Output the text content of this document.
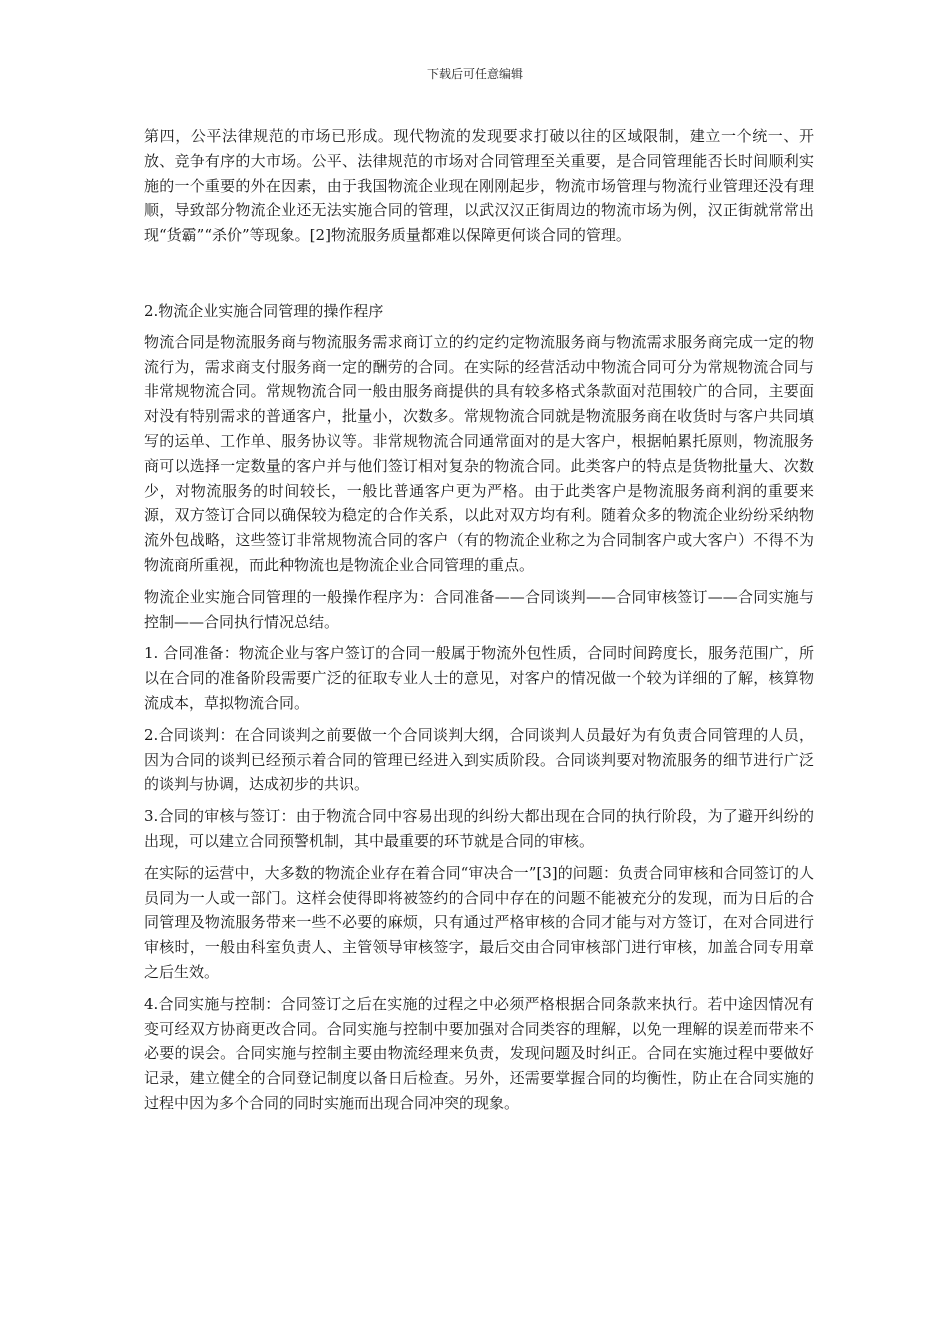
下载后可任意编辑

第四，公平法律规范的市场已形成。现代物流的发现要求打破以往的区域限制，建立一个统一、开放、竞争有序的大市场。公平、法律规范的市场对合同管理至关重要，是合同管理能否长时间顺利实施的一个重要的外在因素，由于我国物流企业现在刚刚起步，物流市场管理与物流行业管理还没有理顺，导致部分物流企业还无法实施合同的管理，以武汉汉正街周边的物流市场为例，汉正街就常常出现“货霸”“杀价”等现象。[2]物流服务质量都难以保障更何谈合同的管理。

2.物流企业实施合同管理的操作程序

物流合同是物流服务商与物流服务需求商订立的约定约定物流服务商与物流需求服务商完成一定的物流行为，需求商支付服务商一定的酬劳的合同。在实际的经营活动中物流合同可分为常规物流合同与非常规物流合同。常规物流合同一般由服务商提供的具有较多格式条款面对范围较广的合同，主要面对没有特别需求的普通客户，批量小，次数多。常规物流合同就是物流服务商在收货时与客户共同填写的运单、工作单、服务协议等。非常规物流合同通常面对的是大客户，根据帕累托原则，物流服务商可以选择一定数量的客户并与他们签订相对复杂的物流合同。此类客户的特点是货物批量大、次数少，对物流服务的时间较长，一般比普通客户更为严格。由于此类客户是物流服务商利润的重要来源，双方签订合同以确保较为稳定的合作关系，以此对双方均有利。随着众多的物流企业纷纷采纳物流外包战略，这些签订非常规物流合同的客户（有的物流企业称之为合同制客户或大客户）不得不为物流商所重视，而此种物流也是物流企业合同管理的重点。

物流企业实施合同管理的一般操作程序为：合同准备——合同谈判——合同审核签订——合同实施与控制——合同执行情况总结。

1. 合同准备：物流企业与客户签订的合同一般属于物流外包性质，合同时间跨度长，服务范围广，所以在合同的准备阶段需要广泛的征取专业人士的意见，对客户的情况做一个较为详细的了解，核算物流成本，草拟物流合同。

2.合同谈判：在合同谈判之前要做一个合同谈判大纲，合同谈判人员最好为有负责合同管理的人员，因为合同的谈判已经预示着合同的管理已经进入到实质阶段。合同谈判要对物流服务的细节进行广泛的谈判与协调，达成初步的共识。

3.合同的审核与签订：由于物流合同中容易出现的纠纷大都出现在合同的执行阶段，为了避开纠纷的出现，可以建立合同预警机制，其中最重要的环节就是合同的审核。

在实际的运营中，大多数的物流企业存在着合同“审决合一”[3]的问题：负责合同审核和合同签订的人员同为一人或一部门。这样会使得即将被签约的合同中存在的问题不能被充分的发现，而为日后的合同管理及物流服务带来一些不必要的麻烦，只有通过严格审核的合同才能与对方签订，在对合同进行审核时，一般由科室负责人、主管领导审核签字，最后交由合同审核部门进行审核，加盖合同专用章之后生效。

4.合同实施与控制：合同签订之后在实施的过程之中必须严格根据合同条款来执行。若中途因情况有变可经双方协商更改合同。合同实施与控制中要加强对合同类容的理解，以免一理解的误差而带来不必要的误会。合同实施与控制主要由物流经理来负责，发现问题及时纠正。合同在实施过程中要做好记录，建立健全的合同登记制度以备日后检查。另外，还需要掌握合同的均衡性，防止在合同实施的过程中因为多个合同的同时实施而出现合同冲突的现象。
